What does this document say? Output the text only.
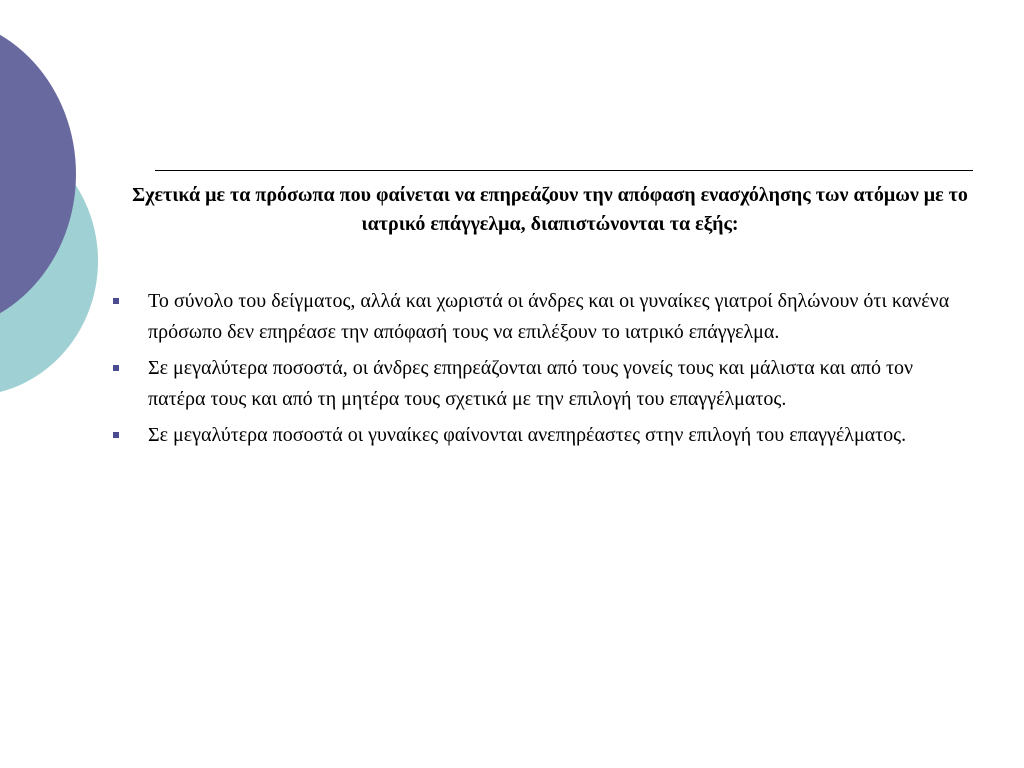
Σχετικά με τα πρόσωπα που φαίνεται να επηρεάζουν την απόφαση ενασχόλησης των ατόμων με το ιατρικό επάγγελμα, διαπιστώνονται τα εξής:

Το σύνολο του δείγματος, αλλά και χωριστά οι άνδρες και οι γυναίκες γιατροί δηλώνουν ότι κανένα πρόσωπο δεν επηρέασε την απόφασή τους να επιλέξουν το ιατρικό επάγγελμα.
Σε μεγαλύτερα ποσοστά, οι άνδρες επηρεάζονται από τους γονείς τους και μάλιστα και από τον πατέρα τους και από τη μητέρα τους σχετικά με την επιλογή του επαγγέλματος.
Σε μεγαλύτερα ποσοστά οι γυναίκες φαίνονται ανεπηρέαστες στην επιλογή του επαγγέλματος.
